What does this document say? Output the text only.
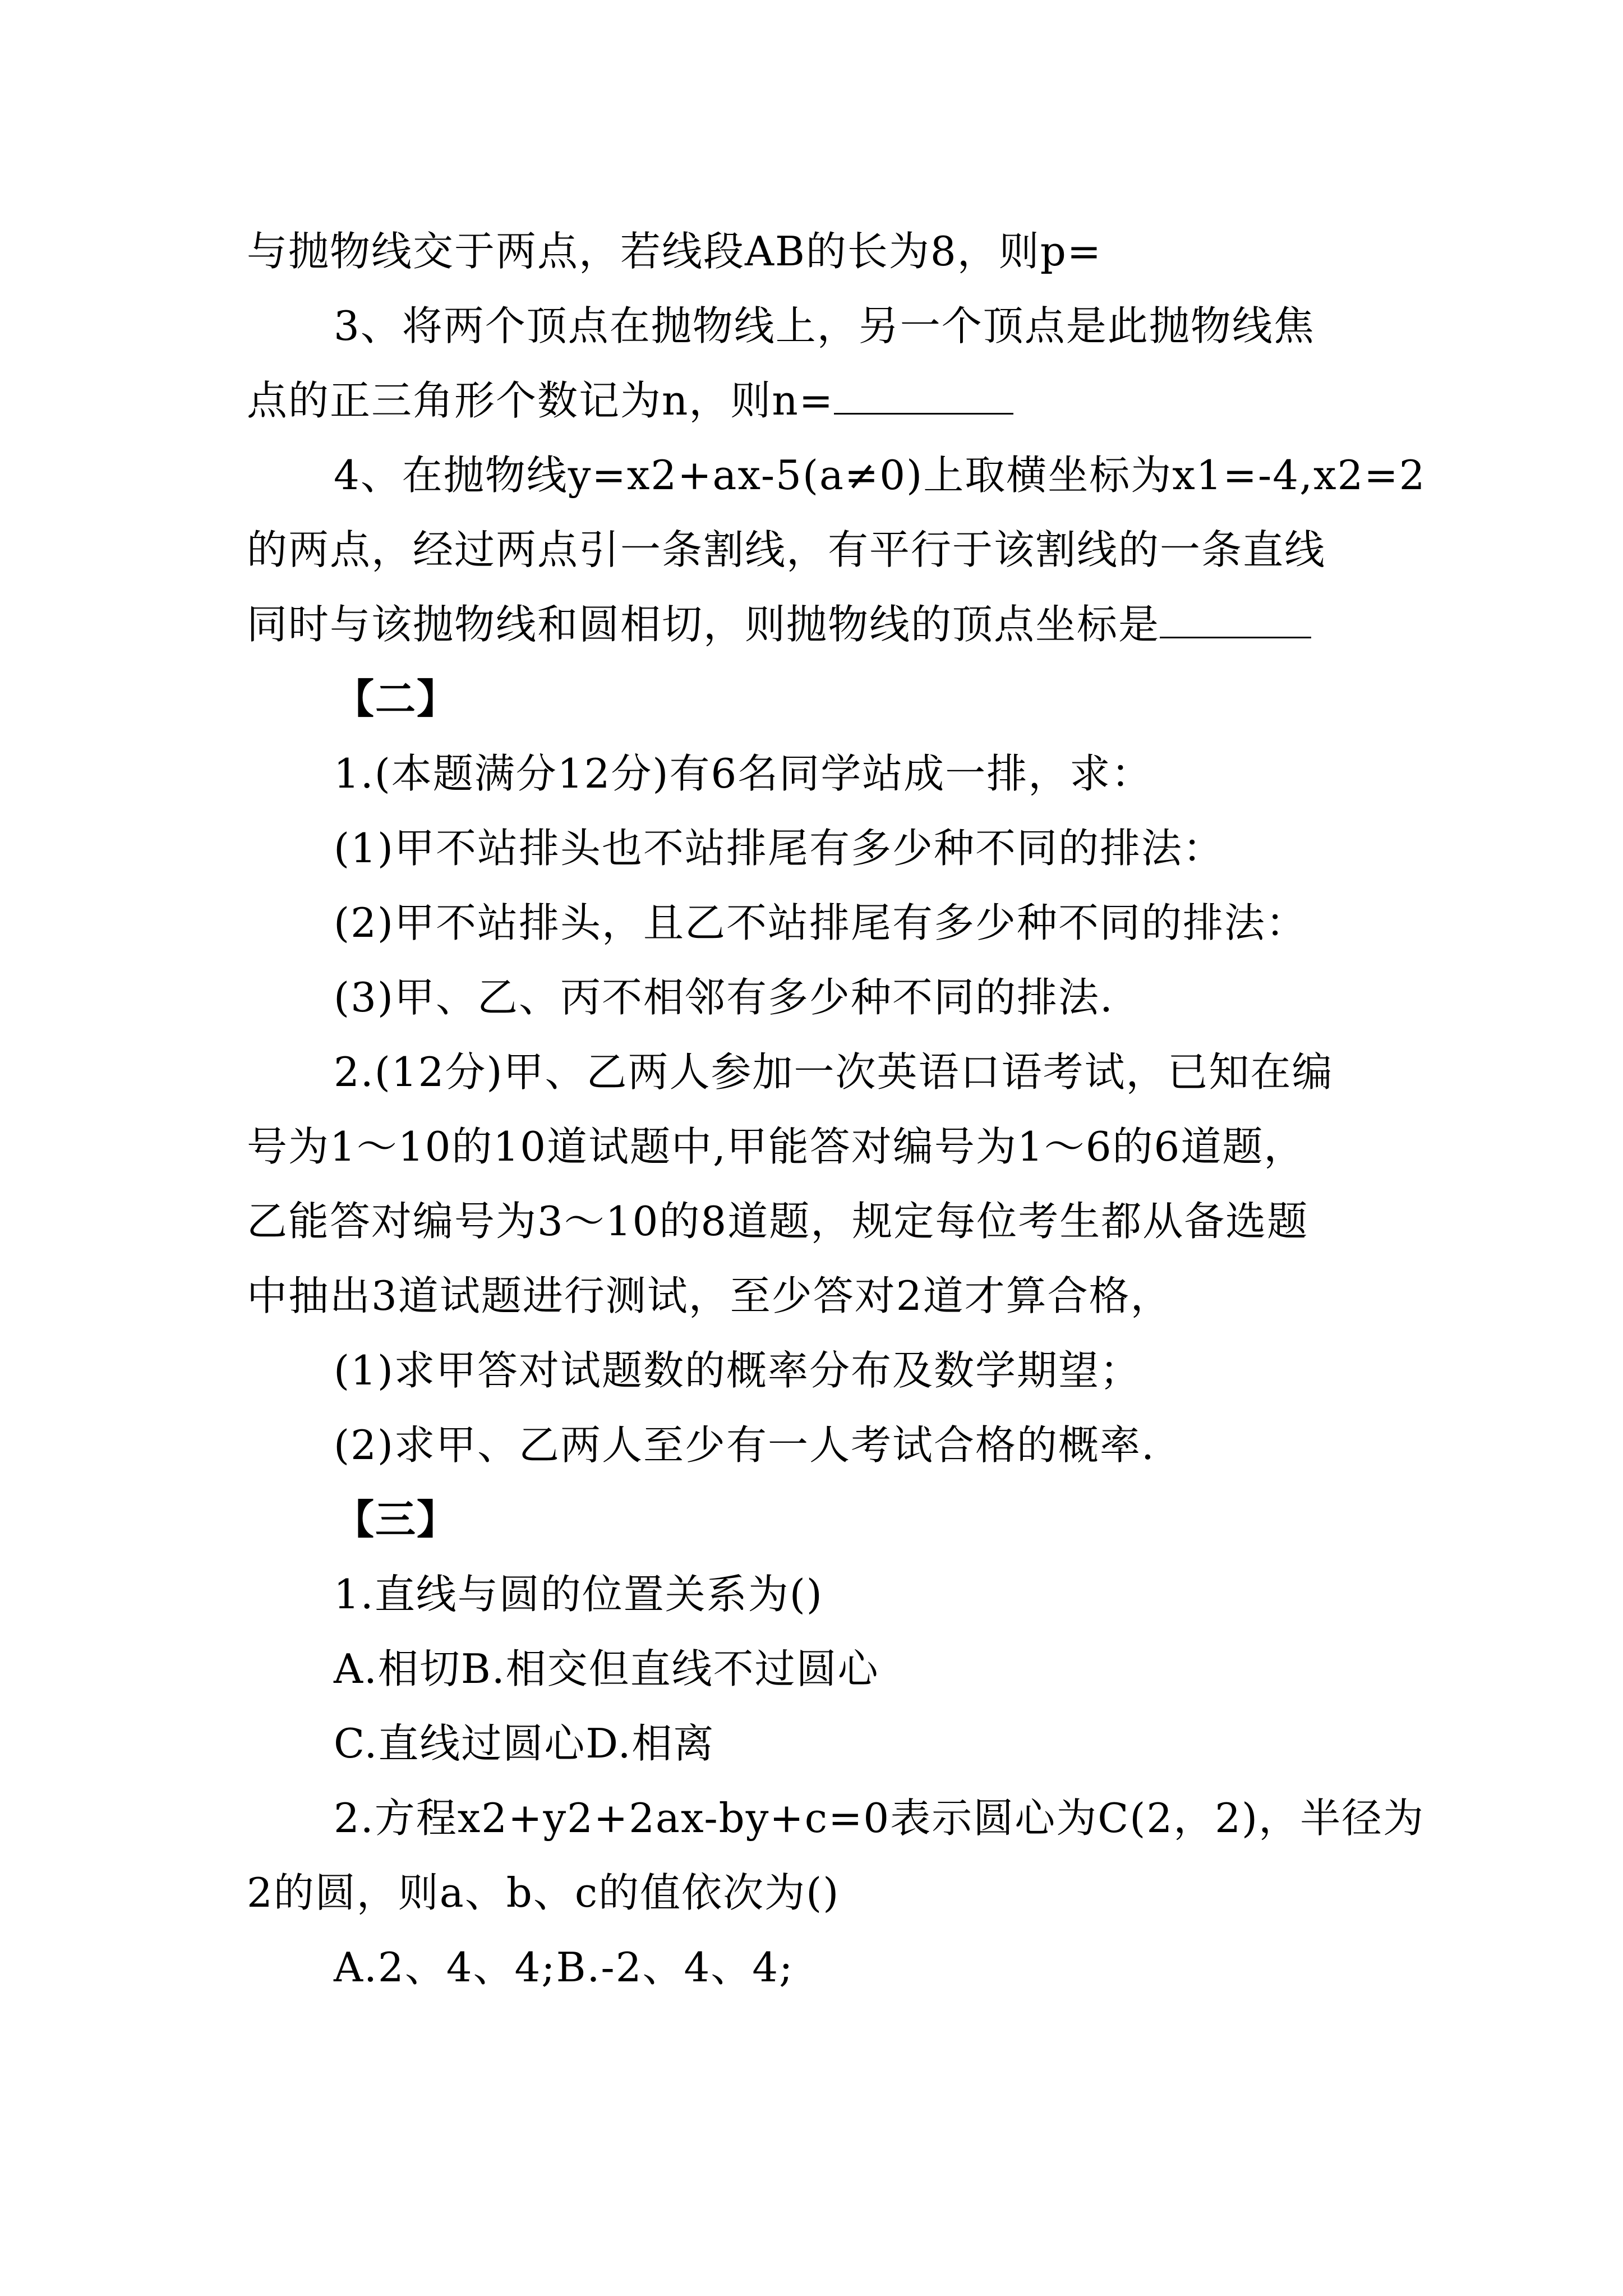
与抛物线交于两点，若线段AB的长为8，则p=
3、将两个顶点在抛物线上，另一个顶点是此抛物线焦
点的正三角形个数记为n，则n=
4、在抛物线y=x2+ax-5(a≠0)上取横坐标为x1=-4,x2=2
的两点，经过两点引一条割线，有平行于该割线的一条直线
同时与该抛物线和圆相切，则抛物线的顶点坐标是
【二】
1.(本题满分12分)有6名同学站成一排，求：
(1)甲不站排头也不站排尾有多少种不同的排法：
(2)甲不站排头，且乙不站排尾有多少种不同的排法：
(3)甲、乙、丙不相邻有多少种不同的排法.
2.(12分)甲、乙两人参加一次英语口语考试，已知在编
号为1～10的10道试题中,甲能答对编号为1～6的6道题，
乙能答对编号为3～10的8道题，规定每位考生都从备选题
中抽出3道试题进行测试，至少答对2道才算合格，
(1)求甲答对试题数的概率分布及数学期望；
(2)求甲、乙两人至少有一人考试合格的概率.
【三】
1.直线与圆的位置关系为()
A.相切B.相交但直线不过圆心
C.直线过圆心D.相离
2.方程x2+y2+2ax-by+c=0表示圆心为C(2，2)，半径为
2的圆，则a、b、c的值依次为()
A.2、4、4;B.-2、4、4;
